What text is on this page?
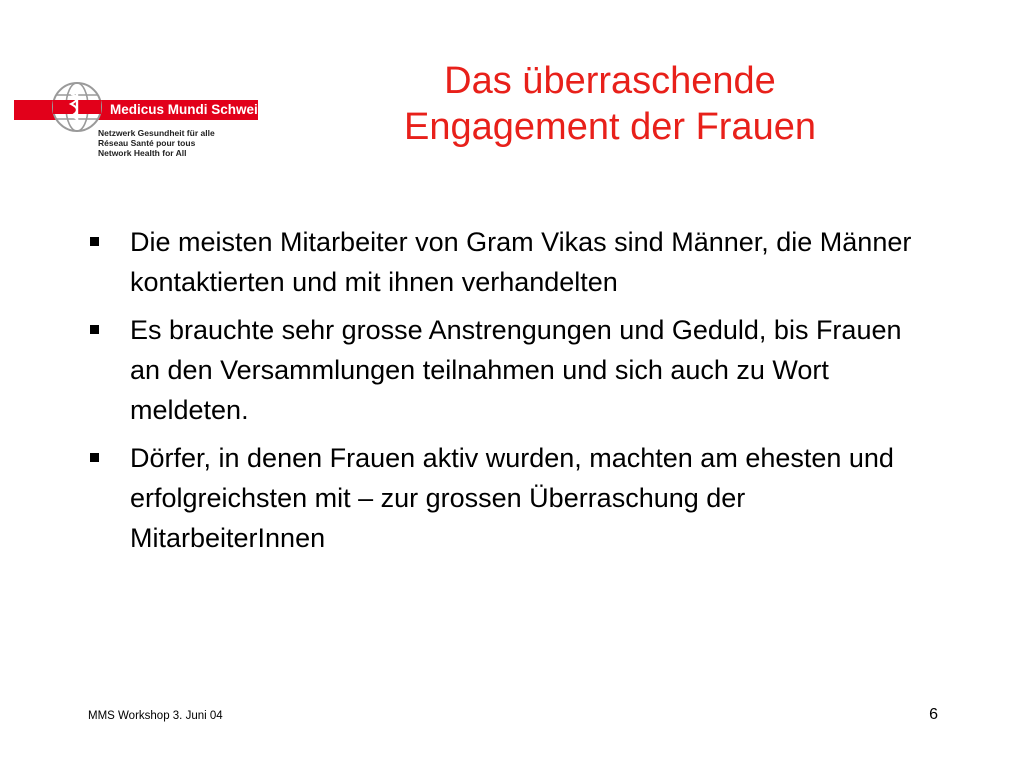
Medicus Mundi Schweiz
Netzwerk Gesundheit für alle
Réseau Santé pour tous
Network Health for All
Das überraschende
Engagement der Frauen
Die meisten Mitarbeiter von Gram Vikas sind Männer, die Männer kontaktierten und mit ihnen verhandelten
Es brauchte sehr grosse Anstrengungen und Geduld, bis Frauen an den Versammlungen teilnahmen und sich auch zu Wort meldeten.
Dörfer, in denen Frauen aktiv wurden, machten am ehesten und erfolgreichsten mit – zur grossen Überraschung der MitarbeiterInnen
MMS Workshop 3. Juni 04	6
